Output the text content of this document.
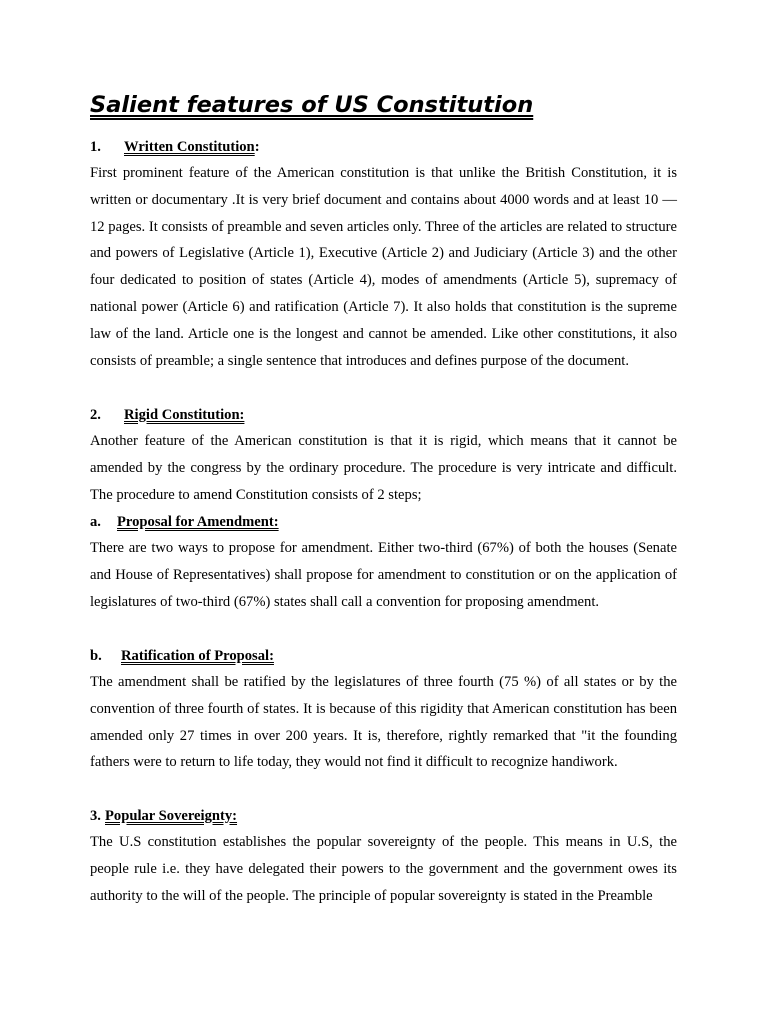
Salient features of US Constitution
1. Written Constitution:
First prominent feature of the American constitution is that unlike the British Constitution, it is written or documentary .It is very brief document and contains about 4000 words and at least 10 —12 pages. It consists of preamble and seven articles only. Three of the articles are related to structure and powers of Legislative (Article 1), Executive (Article 2) and Judiciary (Article 3) and the other four dedicated to position of states (Article 4), modes of amendments (Article 5), supremacy of national power (Article 6) and ratification (Article 7). It also holds that constitution is the supreme law of the land. Article one is the longest and cannot be amended. Like other constitutions, it also consists of preamble; a single sentence that introduces and defines purpose of the document.
2. Rigid Constitution:
Another feature of the American constitution is that it is rigid, which means that it cannot be amended by the congress by the ordinary procedure. The procedure is very intricate and difficult. The procedure to amend Constitution consists of 2 steps;
a. Proposal for Amendment:
There are two ways to propose for amendment. Either two-third (67%) of both the houses (Senate and House of Representatives) shall propose for amendment to constitution or on the application of legislatures of two-third (67%) states shall call a convention for proposing amendment.
b. Ratification of Proposal:
The amendment shall be ratified by the legislatures of three fourth (75 %) of all states or by the convention of three fourth of states. It is because of this rigidity that American constitution has been amended only 27 times in over 200 years. It is, therefore, rightly remarked that "it the founding fathers were to return to life today, they would not find it difficult to recognize handiwork.
3. Popular Sovereignty:
The U.S constitution establishes the popular sovereignty of the people. This means in U.S, the people rule i.e. they have delegated their powers to the government and the government owes its authority to the will of the people. The principle of popular sovereignty is stated in the Preamble
